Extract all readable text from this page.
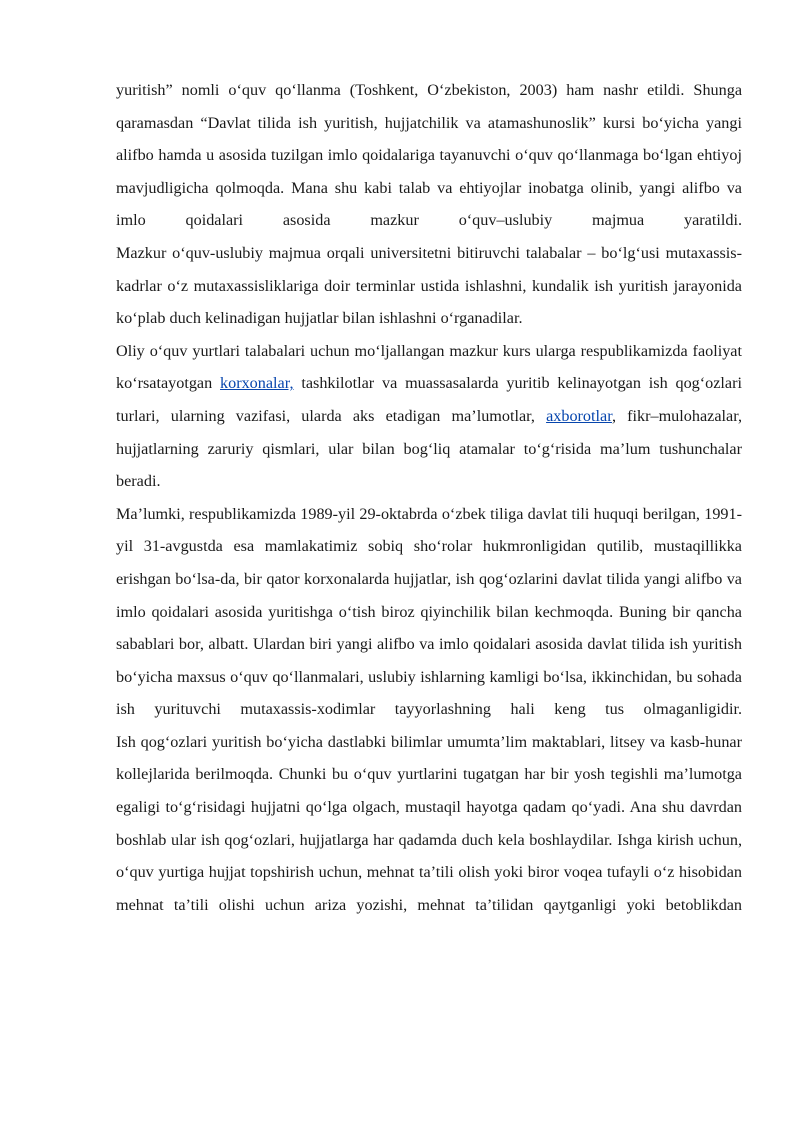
yuritish” nomli o‘quv qo‘llanma (Toshkent, O‘zbekiston, 2003) ham nashr etildi. Shunga qaramasdan “Davlat tilida ish yuritish, hujjatchilik va atamashunoslik” kursi bo‘yicha yangi alifbo hamda u asosida tuzilgan imlo qoidalariga tayanuvchi o‘quv qo‘llanmaga bo‘lgan ehtiyoj mavjudligicha qolmoqda. Mana shu kabi talab va ehtiyojlar inobatga olinib, yangi alifbo va imlo qoidalari asosida mazkur o‘quv–uslubiy majmua yaratildi.

Mazkur o‘quv-uslubiy majmua orqali universitetni bitiruvchi talabalar – bo‘lg‘usi mutaxassis-kadrlar o‘z mutaxassisliklariga doir terminlar ustida ishlashni, kundalik ish yuritish jarayonida ko‘plab duch kelinadigan hujjatlar bilan ishlashni o‘rganadilar.

Oliy o‘quv yurtlari talabalari uchun mo‘ljallangan mazkur kurs ularga respublikamizda faoliyat ko‘rsatayotgan korxonalar, tashkilotlar va muassasalarda yuritib kelinayotgan ish qog‘ozlari turlari, ularning vazifasi, ularda aks etadigan ma’lumotlar, axborotlar, fikr–mulohazalar, hujjatlarning zaruriy qismlari, ular bilan bog‘liq atamalar to‘g‘risida ma’lum tushunchalar beradi.

Ma’lumki, respublikamizda 1989-yil 29-oktabrda o‘zbek tiliga davlat tili huquqi berilgan, 1991-yil 31-avgustda esa mamlakatimiz sobiq sho‘rolar hukmronligidan qutilib, mustaqillikka erishgan bo‘lsa-da, bir qator korxonalarda hujjatlar, ish qog‘ozlarini davlat tilida yangi alifbo va imlo qoidalari asosida yuritishga o‘tish biroz qiyinchilik bilan kechmoqda. Buning bir qancha sabablari bor, albatt. Ulardan biri yangi alifbo va imlo qoidalari asosida davlat tilida ish yuritish bo‘yicha maxsus o‘quv qo‘llanmalari, uslubiy ishlarning kamligi bo‘lsa, ikkinchidan, bu sohada ish yurituvchi mutaxassis-xodimlar tayyorlashning hali keng tus olmaganligidir.

Ish qog‘ozlari yuritish bo‘yicha dastlabki bilimlar umumta’lim maktablari, litsey va kasb-hunar kollejlarida berilmoqda. Chunki bu o‘quv yurtlarini tugatgan har bir yosh tegishli ma’lumotga egaligi to‘g‘risidagi hujjatni qo‘lga olgach, mustaqil hayotga qadam qo‘yadi. Ana shu davrdan boshlab ular ish qog‘ozlari, hujjatlarga har qadamda duch kela boshlaydilar. Ishga kirish uchun, o‘quv yurtiga hujjat topshirish uchun, mehnat ta’tili olish yoki biror voqea tufayli o‘z hisobidan mehnat ta’tili olishi uchun ariza yozishi, mehnat ta’tilidan qaytganligi yoki betoblikdan
